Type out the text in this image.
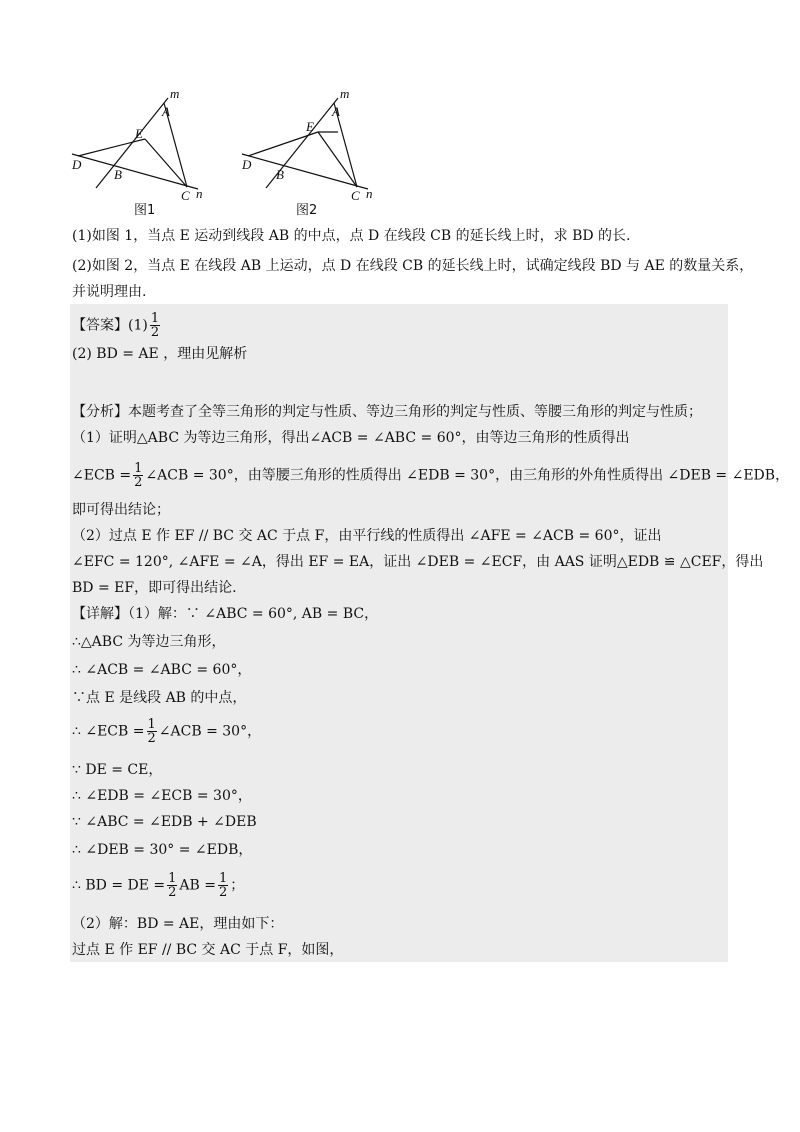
m
A
E
D
B
C n
图1
m
A
E
D
B
C n
图2
(1)如图 1，当点 E 运动到线段 AB 的中点，点 D 在线段 CB 的延长线上时，求 BD 的长.
(2)如图 2，当点 E 在线段 AB 上运动，点 D 在线段 CB 的延长线上时，试确定线段 BD 与 AE 的数量关系，
并说明理由.
【答案】$(1) \frac{1}{2}$
(2) BD = AE ，理由见解析
【分析】本题考查了全等三角形的判定与性质、等边三角形的判定与性质、等腰三角形的判定与性质；
（1）证明△ABC 为等边三角形，得出∠ACB = ∠ABC = 60°，由等边三角形的性质得出
∠ECB = $\frac{1}{2}$ ∠ACB = 30°，由等腰三角形的性质得出 ∠EDB = 30°，由三角形的外角性质得出 ∠DEB = ∠EDB，
即可得出结论；
（2）过点 E 作 EF // BC 交 AC 于点 F，由平行线的性质得出 ∠AFE = ∠ACB = 60°，证出
∠EFC = 120°, ∠AFE = ∠A，得出 EF = EA，证出 ∠DEB = ∠ECF，由 AAS 证明△EDB ≌ △CEF，得出
BD = EF，即可得出结论.
【详解】（1）解：∵ ∠ABC = 60°, AB = BC，
∴△ABC 为等边三角形，
∴ ∠ACB = ∠ABC = 60°，
∵点 E 是线段 AB 的中点，
∴ ∠ECB = $\frac{1}{2}$ ∠ACB = 30°，
∵ DE = CE，
∴ ∠EDB = ∠ECB = 30°，
∵ ∠ABC = ∠EDB + ∠DEB
∴ ∠DEB = 30° = ∠EDB，
∴ BD = DE = $\frac{1}{2}$ AB = $\frac{1}{2}$ ；
（2）解：BD = AE，理由如下：
过点 E 作 EF // BC 交 AC 于点 F，如图，
